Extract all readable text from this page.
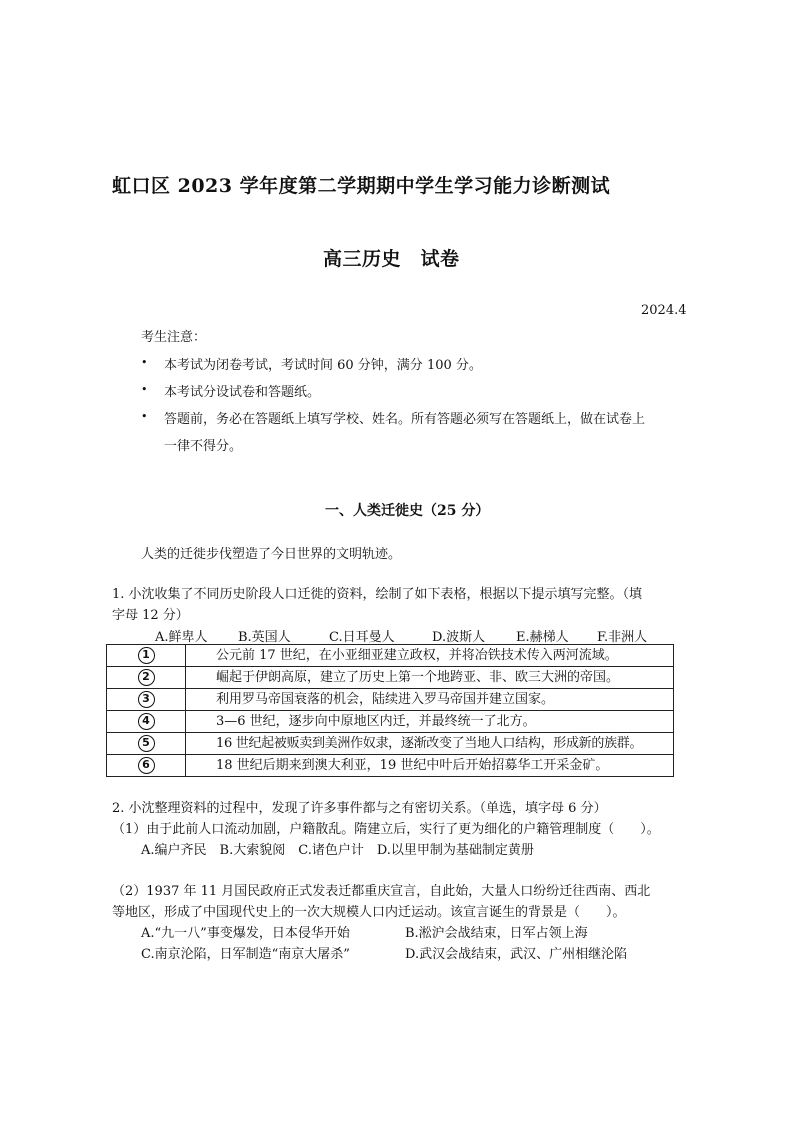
虹口区 2023 学年度第二学期期中学生学习能力诊断测试
高三历史　试卷

2024.4

考生注意：

• 本考试为闭卷考试，考试时间 60 分钟，满分 100 分。

• 本考试分设试卷和答题纸。

• 答题前，务必在答题纸上填写学校、姓名。所有答题必须写在答题纸上，做在试卷上

一律不得分。

一、人类迁徙史（25 分）

人类的迁徙步伐塑造了今日世界的文明轨迹。

1. 小沈收集了不同历史阶段人口迁徙的资料，绘制了如下表格，根据以下提示填写完整。（填

字母 12 分）

A.鲜卑人 B.英国人	C.日耳曼人	D.波斯人 E.赫梯人 F.非洲人
1	公元前 17 世纪，在小亚细亚建立政权，并将冶铁技术传入两河流域。
2	崛起于伊朗高原，建立了历史上第一个地跨亚、非、欧三大洲的帝国。
3	利用罗马帝国衰落的机会，陆续进入罗马帝国并建立国家。
4	3—6 世纪，逐步向中原地区内迁，并最终统一了北方。
5	16 世纪起被贩卖到美洲作奴隶，逐渐改变了当地人口结构，形成新的族群。
6	18 世纪后期来到澳大利亚，19 世纪中叶后开始招募华工开采金矿。

2. 小沈整理资料的过程中，发现了许多事件都与之有密切关系。（单选，填字母 6 分）

（1）由于此前人口流动加剧，户籍散乱。隋建立后，实行了更为细化的户籍管理制度（　　）。

A.编户齐民　B.大索貌阅　C.诸色户计　D.以里甲制为基础制定黄册

（2）1937 年 11 月国民政府正式发表迁都重庆宣言，自此始，大量人口纷纷迁往西南、西北

等地区，形成了中国现代史上的一次大规模人口内迁运动。该宣言诞生的背景是（　　）。

A.“九一八”事变爆发，日本侵华开始	B.淞沪会战结束，日军占领上海

C.南京沦陷，日军制造“南京大屠杀”	D.武汉会战结束，武汉、广州相继沦陷
